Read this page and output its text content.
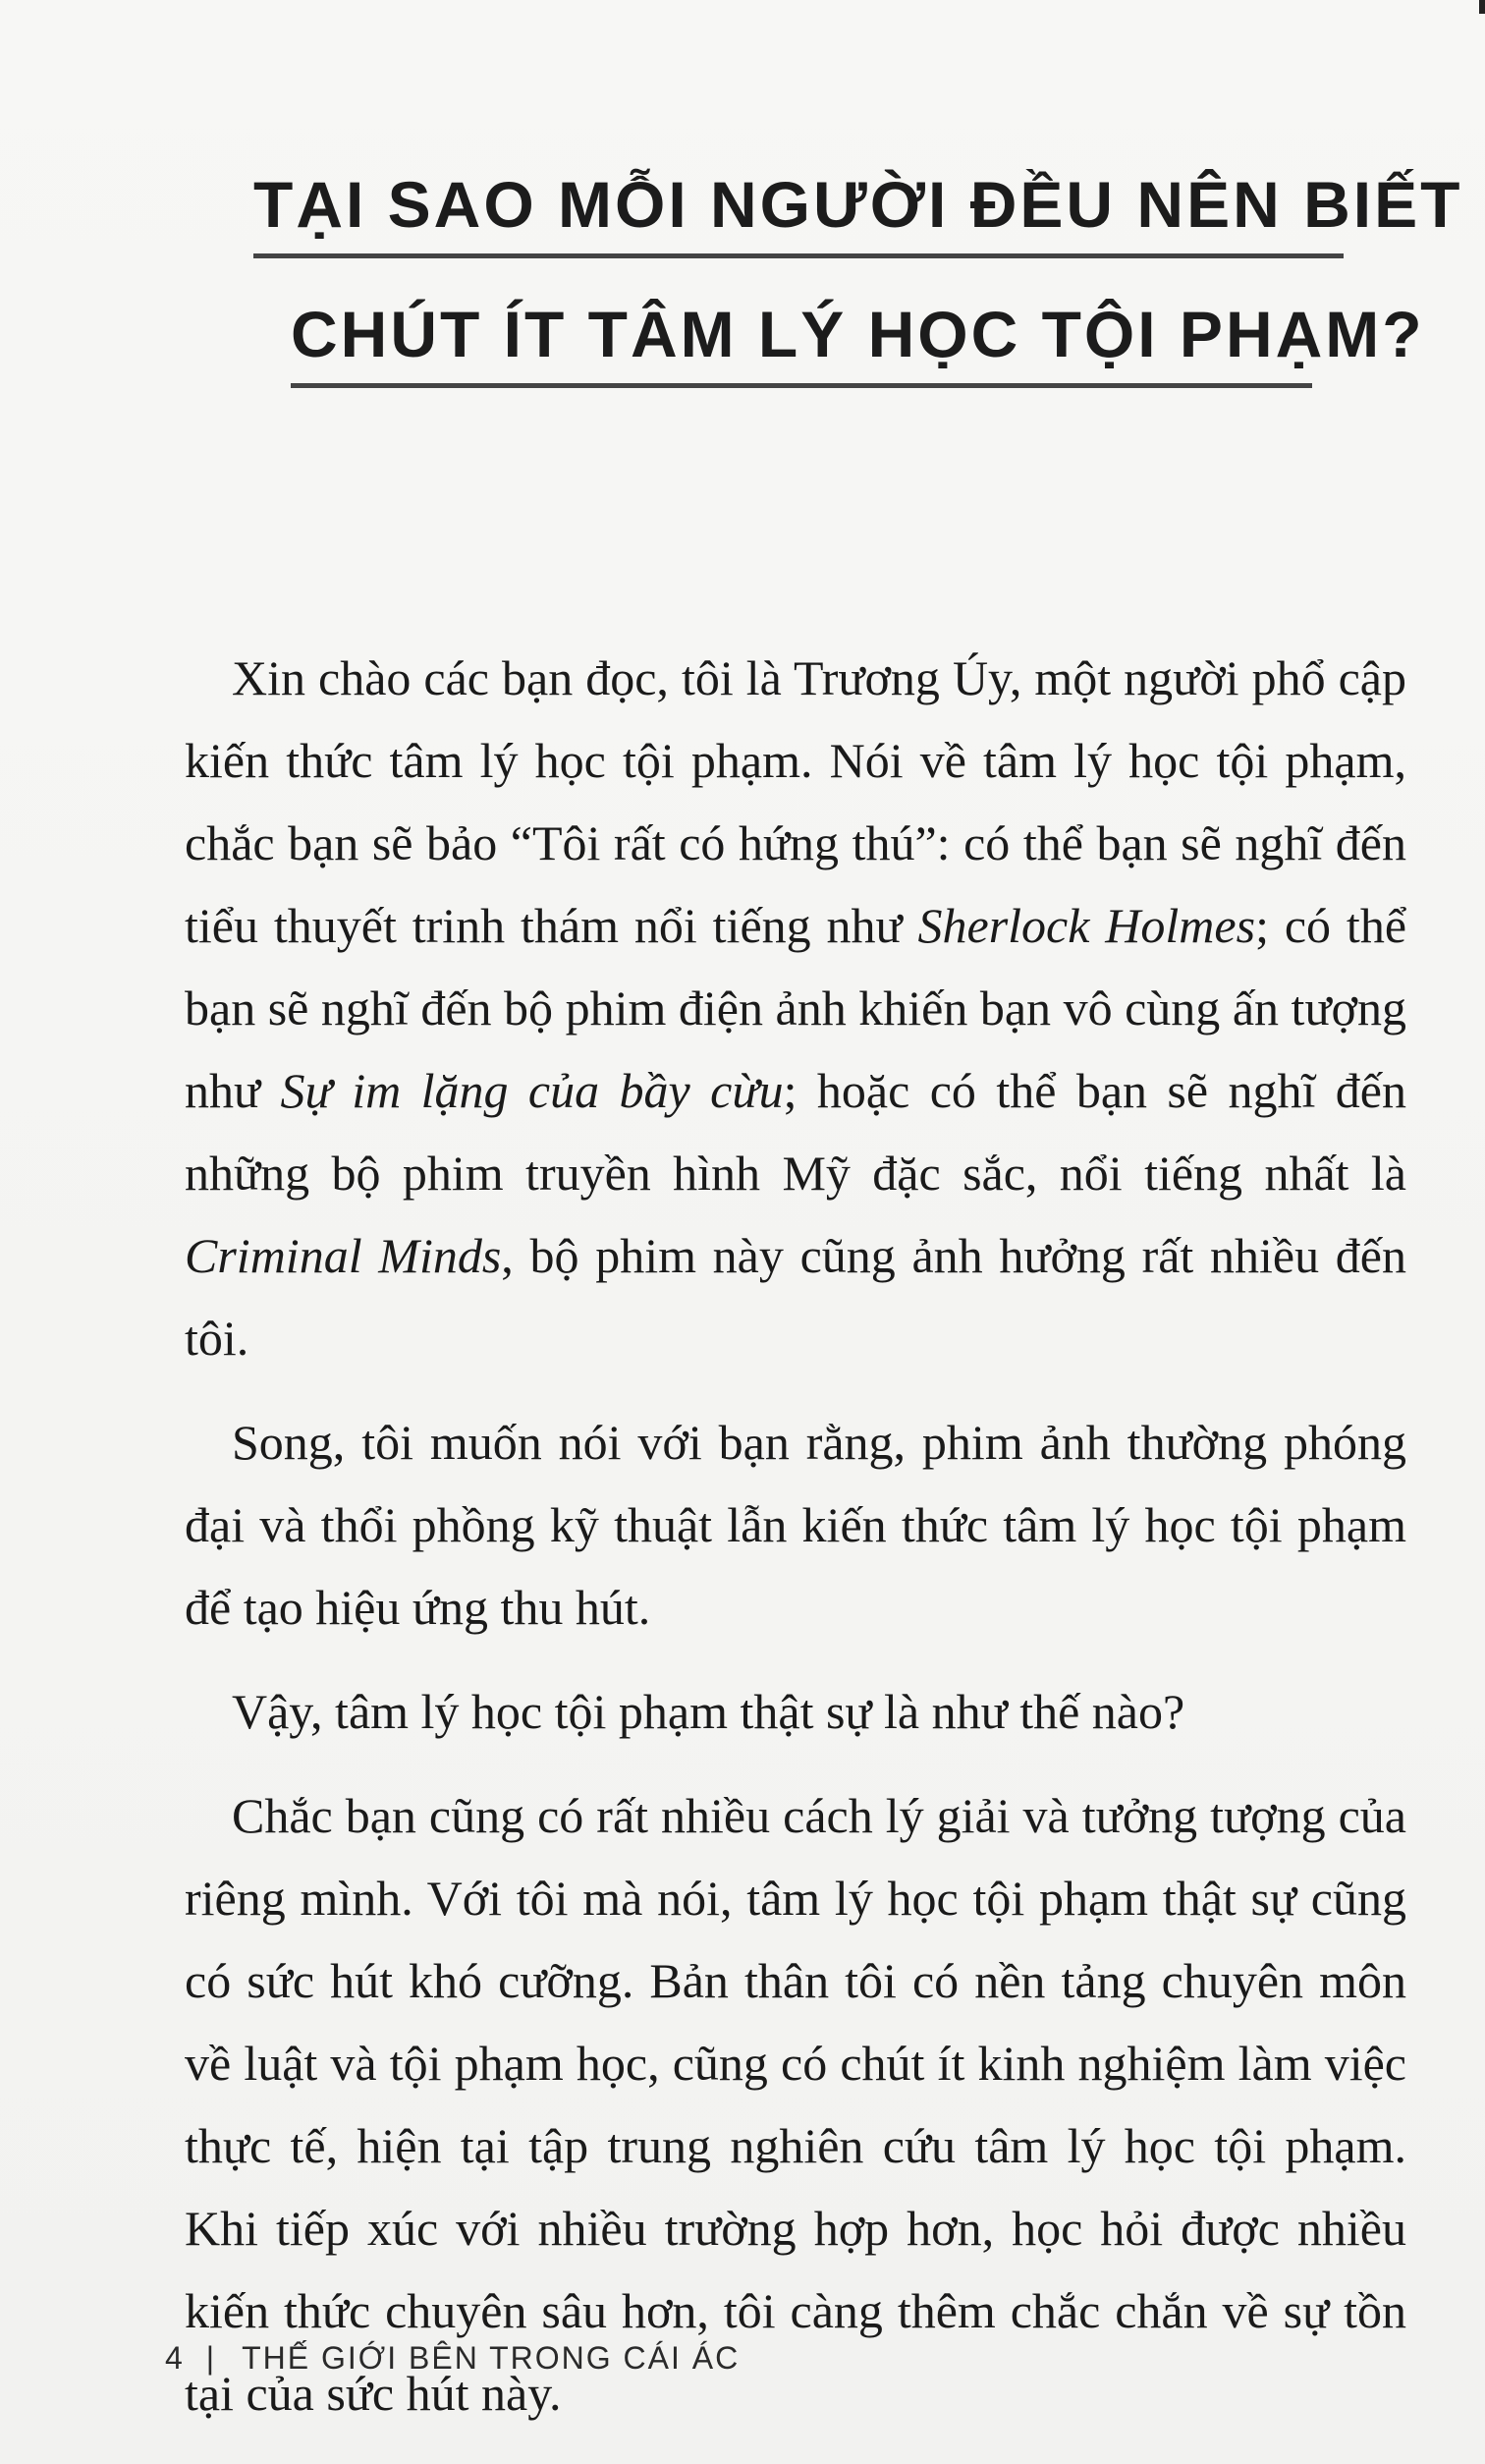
TẠI SAO MỖI NGƯỜI ĐỀU NÊN BIẾT
CHÚT ÍT TÂM LÝ HỌC TỘI PHẠM?

Xin chào các bạn đọc, tôi là Trương Úy, một người phổ cập kiến thức tâm lý học tội phạm. Nói về tâm lý học tội phạm, chắc bạn sẽ bảo “Tôi rất có hứng thú”: có thể bạn sẽ nghĩ đến tiểu thuyết trinh thám nổi tiếng như Sherlock Holmes; có thể bạn sẽ nghĩ đến bộ phim điện ảnh khiến bạn vô cùng ấn tượng như Sự im lặng của bầy cừu; hoặc có thể bạn sẽ nghĩ đến những bộ phim truyền hình Mỹ đặc sắc, nổi tiếng nhất là Criminal Minds, bộ phim này cũng ảnh hưởng rất nhiều đến tôi.

Song, tôi muốn nói với bạn rằng, phim ảnh thường phóng đại và thổi phồng kỹ thuật lẫn kiến thức tâm lý học tội phạm để tạo hiệu ứng thu hút.

Vậy, tâm lý học tội phạm thật sự là như thế nào?

Chắc bạn cũng có rất nhiều cách lý giải và tưởng tượng của riêng mình. Với tôi mà nói, tâm lý học tội phạm thật sự cũng có sức hút khó cưỡng. Bản thân tôi có nền tảng chuyên môn về luật và tội phạm học, cũng có chút ít kinh nghiệm làm việc thực tế, hiện tại tập trung nghiên cứu tâm lý học tội phạm. Khi tiếp xúc với nhiều trường hợp hơn, học hỏi được nhiều kiến thức chuyên sâu hơn, tôi càng thêm chắc chắn về sự tồn tại của sức hút này.

4 | THẾ GIỚI BÊN TRONG CÁI ÁC
